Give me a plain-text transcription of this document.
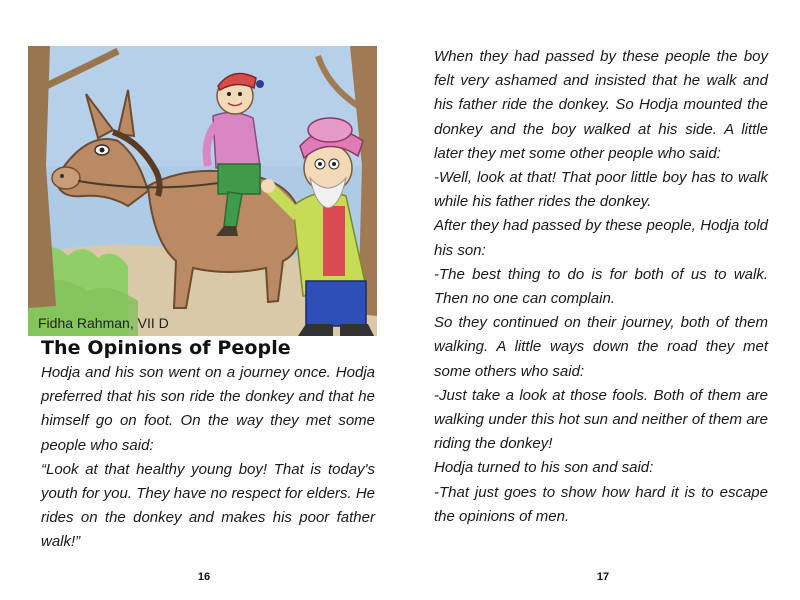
Fidha Rahman, VII D
The Opinions of People

Hodja and his son went on a journey once. Hodja preferred that his son ride the donkey and that he himself go on foot. On the way they met some people who said:

“Look at that healthy young boy! That is today's youth for you. They have no respect for elders. He rides on the donkey and makes his poor father walk!”

16

When they had passed by these people the boy felt very ashamed and insisted that he walk and his father ride the donkey. So Hodja mounted the donkey and the boy walked at his side. A little later they met some other people who said:

-Well, look at that! That poor little boy has to walk while his father rides the donkey.

After they had passed by these people, Hodja told his son:

-The best thing to do is for both of us to walk. Then no one can complain.

So they continued on their journey, both of them walking. A little ways down the road they met some others who said:

-Just take a look at those fools. Both of them are walking under this hot sun and neither of them are riding the donkey!

Hodja turned to his son and said:

-That just goes to show how hard it is to escape the opinions of men.

17
